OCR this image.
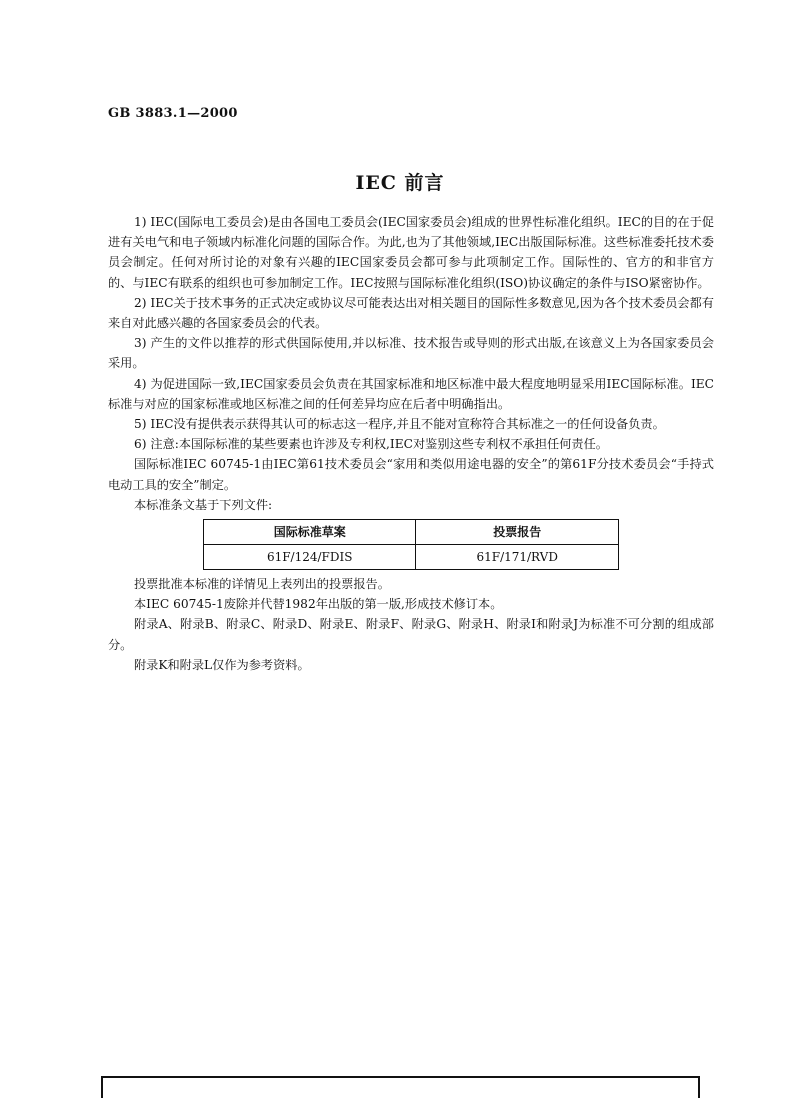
GB 3883.1—2000
IEC 前言

1) IEC(国际电工委员会)是由各国电工委员会(IEC国家委员会)组成的世界性标准化组织。IEC的目的在于促进有关电气和电子领域内标准化问题的国际合作。为此,也为了其他领域,IEC出版国际标准。这些标准委托技术委员会制定。任何对所讨论的对象有兴趣的IEC国家委员会都可参与此项制定工作。国际性的、官方的和非官方的、与IEC有联系的组织也可参加制定工作。IEC按照与国际标准化组织(ISO)协议确定的条件与ISO紧密协作。

2) IEC关于技术事务的正式决定或协议尽可能表达出对相关题目的国际性多数意见,因为各个技术委员会都有来自对此感兴趣的各国家委员会的代表。

3) 产生的文件以推荐的形式供国际使用,并以标准、技术报告或导则的形式出版,在该意义上为各国家委员会采用。

4) 为促进国际一致,IEC国家委员会负责在其国家标准和地区标准中最大程度地明显采用IEC国际标准。IEC标准与对应的国家标准或地区标准之间的任何差异均应在后者中明确指出。

5) IEC没有提供表示获得其认可的标志这一程序,并且不能对宣称符合其标准之一的任何设备负责。

6) 注意:本国际标准的某些要素也许涉及专利权,IEC对鉴别这些专利权不承担任何责任。

国际标准IEC 60745-1由IEC第61技术委员会“家用和类似用途电器的安全”的第61F分技术委员会“手持式电动工具的安全”制定。

本标准条文基于下列文件:

国际标准草案	投票报告
61F/124/FDIS	61F/171/RVD

投票批准本标准的详情见上表列出的投票报告。

本IEC 60745-1废除并代替1982年出版的第一版,形成技术修订本。

附录A、附录B、附录C、附录D、附录E、附录F、附录G、附录H、附录I和附录J为标准不可分割的组成部分。

附录K和附录L仅作为参考资料。
